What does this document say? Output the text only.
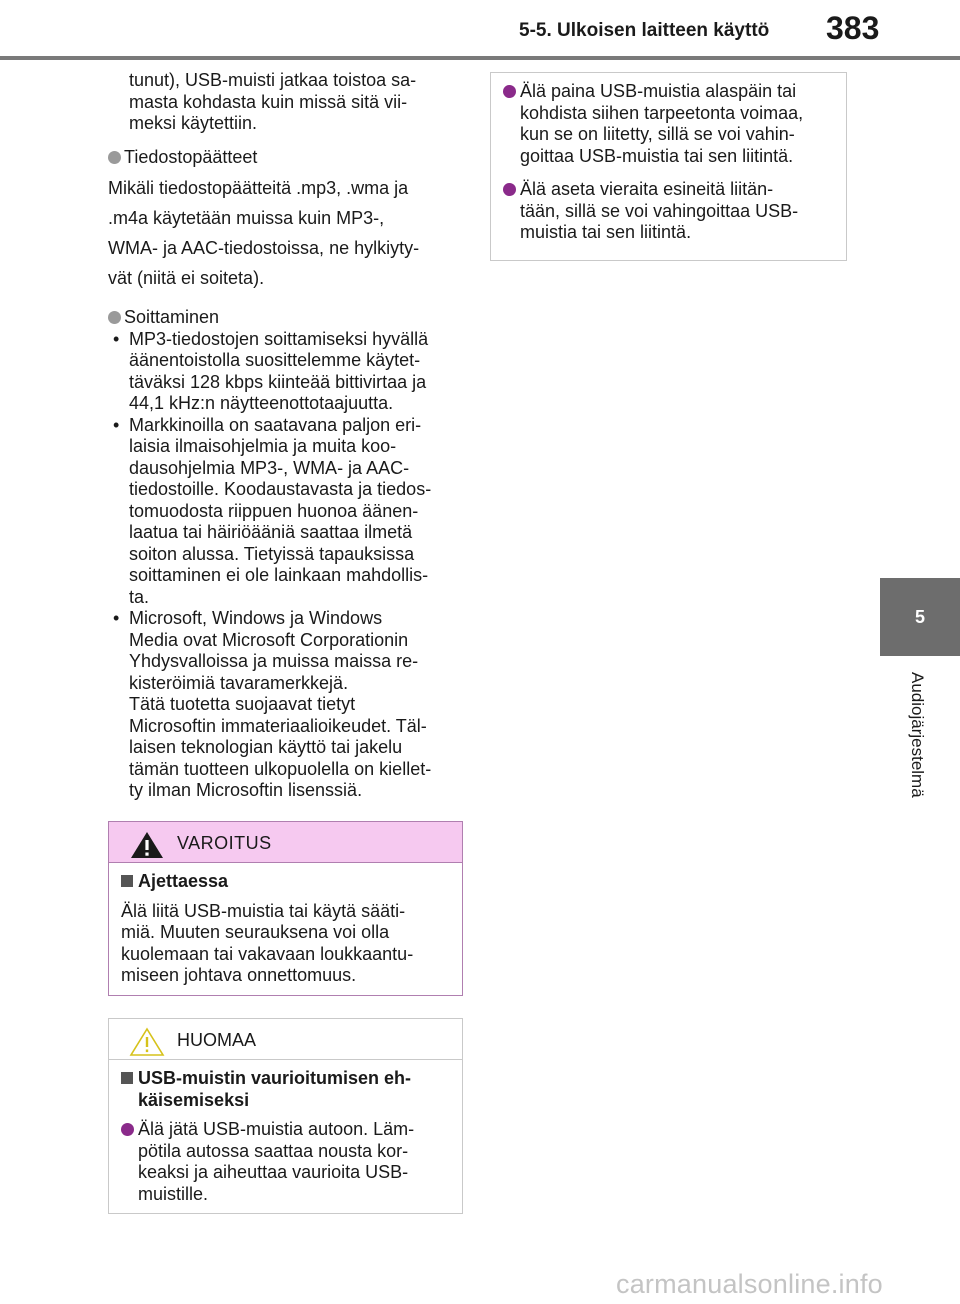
5-5. Ulkoisen laitteen käyttö 383
5
Audiojärjestelmä
tunut), USB-muisti jatkaa toistoa sa-
masta kohdasta kuin missä sitä vii-
meksi käytettiin.
Tiedostopäätteet
Mikäli tiedostopäätteitä .mp3, .wma ja
.m4a käytetään muissa kuin MP3-,
WMA- ja AAC-tiedostoissa, ne hylkiyty-
vät (niitä ei soiteta).
Soittaminen
• MP3-tiedostojen soittamiseksi hyvällä
äänentoistolla suosittelemme käytet-
täväksi 128 kbps kiinteää bittivirtaa ja
44,1 kHz:n näytteenottotaajuutta.
• Markkinoilla on saatavana paljon eri-
laisia ilmaisohjelmia ja muita koo-
dausohjelmia MP3-, WMA- ja AAC-
tiedostoille. Koodaustavasta ja tiedos-
tomuodosta riippuen huonoa äänen-
laatua tai häiriöääniä saattaa ilmetä
soiton alussa. Tietyissä tapauksissa
soittaminen ei ole lainkaan mahdollis-
ta.
• Microsoft, Windows ja Windows
Media ovat Microsoft Corporationin
Yhdysvalloissa ja muissa maissa re-
kisteröimiä tavaramerkkejä.
Tätä tuotetta suojaavat tietyt
Microsoftin immateriaalioikeudet. Täl-
laisen teknologian käyttö tai jakelu
tämän tuotteen ulkopuolella on kiellet-
ty ilman Microsoftin lisenssiä.
VAROITUS

Ajettaessa

Älä liitä USB-muistia tai käytä sääti-
miä. Muuten seurauksena voi olla
kuolemaan tai vakavaan loukkaantu-
miseen johtava onnettomuus.
HUOMAA
USB-muistin vaurioitumisen eh-
käisemiseksi
Älä jätä USB-muistia autoon. Läm-
pötila autossa saattaa nousta kor-
keaksi ja aiheuttaa vaurioita USB-
muistille.
Älä paina USB-muistia alaspäin tai
kohdista siihen tarpeetonta voimaa,
kun se on liitetty, sillä se voi vahin-
goittaa USB-muistia tai sen liitintä.
Älä aseta vieraita esineitä liitän-
tään, sillä se voi vahingoittaa USB-
muistia tai sen liitintä.
carmanualsonline.info
